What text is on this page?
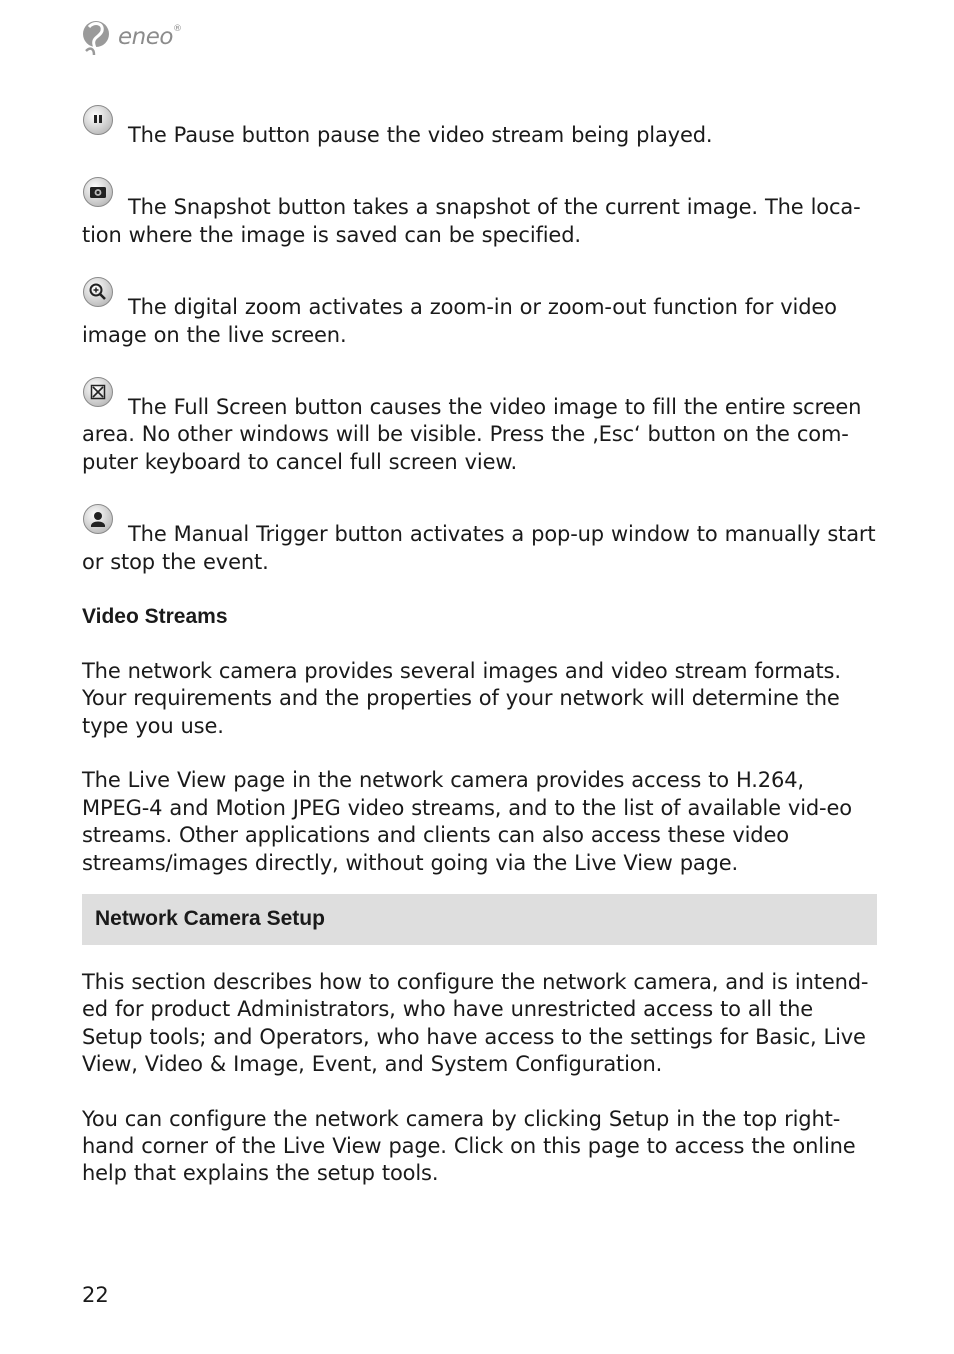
eneo ®

The Pause button pause the video stream being played.

The Snapshot button takes a snapshot of the current image. The loca-tion where the image is saved can be specified.

The digital zoom activates a zoom-in or zoom-out function for video image on the live screen.

The Full Screen button causes the video image to fill the entire screen area. No other windows will be visible. Press the ‚Esc‘ button on the com-puter keyboard to cancel full screen view.

The Manual Trigger button activates a pop-up window to manually start or stop the event.

Video Streams

The network camera provides several images and video stream formats. Your requirements and the properties of your network will determine the type you use.

The Live View page in the network camera provides access to H.264, MPEG-4 and Motion JPEG video streams, and to the list of available vid-eo streams. Other applications and clients can also access these video streams/images directly, without going via the Live View page.

Network Camera Setup

This section describes how to configure the network camera, and is intend-ed for product Administrators, who have unrestricted access to all the Setup tools; and Operators, who have access to the settings for Basic, Live View, Video & Image, Event, and System Configuration.

You can configure the network camera by clicking Setup in the top right-hand corner of the Live View page. Click on this page to access the online help that explains the setup tools.

22
